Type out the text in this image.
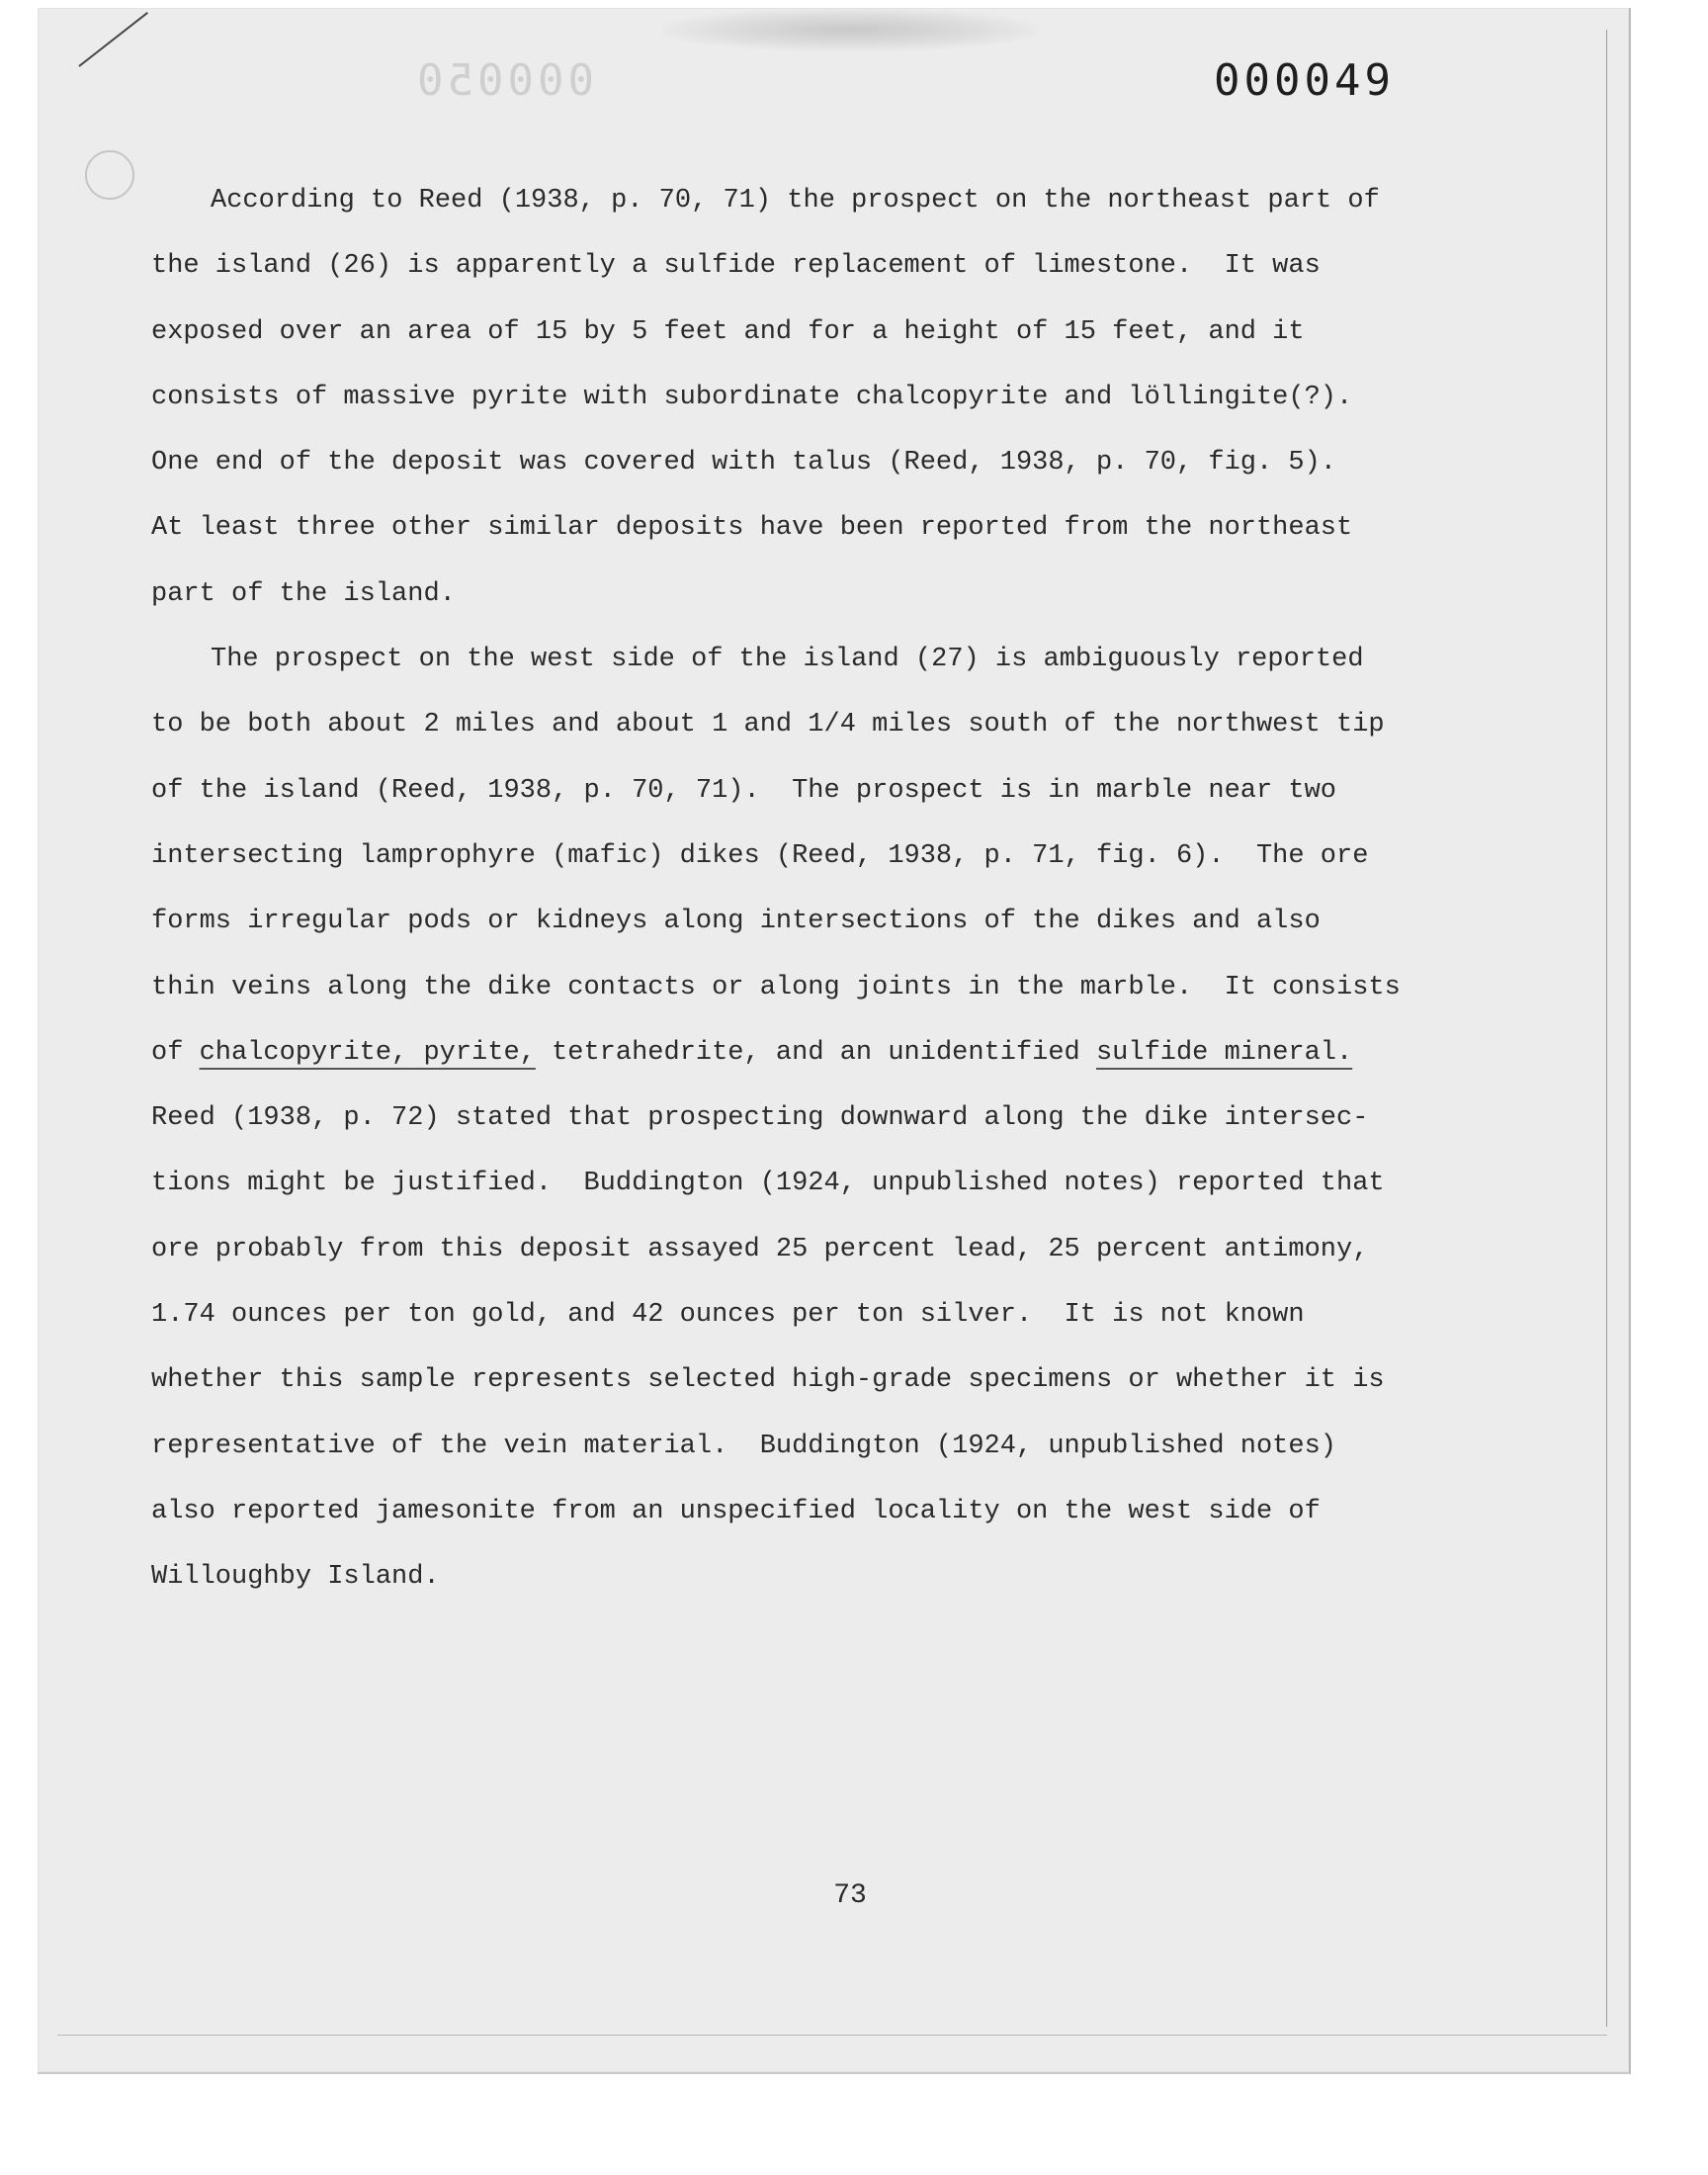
000050	000049
According to Reed (1938, p. 70, 71) the prospect on the northeast part of
the island (26) is apparently a sulfide replacement of limestone.  It was
exposed over an area of 15 by 5 feet and for a height of 15 feet, and it
consists of massive pyrite with subordinate chalcopyrite and löllingite(?).
One end of the deposit was covered with talus (Reed, 1938, p. 70, fig. 5).
At least three other similar deposits have been reported from the northeast
part of the island.
The prospect on the west side of the island (27) is ambiguously reported
to be both about 2 miles and about 1 and 1/4 miles south of the northwest tip
of the island (Reed, 1938, p. 70, 71).  The prospect is in marble near two
intersecting lamprophyre (mafic) dikes (Reed, 1938, p. 71, fig. 6).  The ore
forms irregular pods or kidneys along intersections of the dikes and also
thin veins along the dike contacts or along joints in the marble.  It consists
of chalcopyrite, pyrite, tetrahedrite, and an unidentified sulfide mineral.
Reed (1938, p. 72) stated that prospecting downward along the dike intersec-
tions might be justified.  Buddington (1924, unpublished notes) reported that
ore probably from this deposit assayed 25 percent lead, 25 percent antimony,
1.74 ounces per ton gold, and 42 ounces per ton silver.  It is not known
whether this sample represents selected high-grade specimens or whether it is
representative of the vein material.  Buddington (1924, unpublished notes)
also reported jamesonite from an unspecified locality on the west side of
Willoughby Island.
73
